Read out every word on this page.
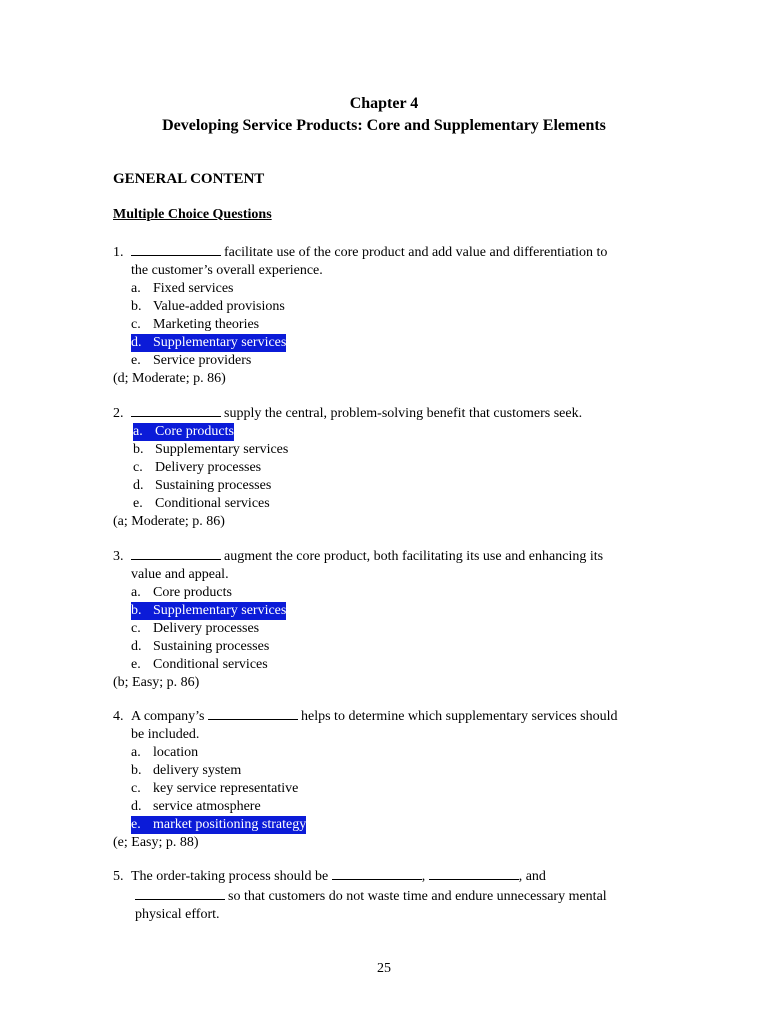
Chapter 4
Developing Service Products: Core and Supplementary Elements
GENERAL CONTENT
Multiple Choice Questions
1.	facilitate use of the core product and add value and differentiation to
the customer’s overall experience.
a. Fixed services
b. Value-added provisions
c. Marketing theories
d. Supplementary services
e. Service providers
(d; Moderate; p. 86)
2.	supply the central, problem-solving benefit that customers seek.
a. Core products
b. Supplementary services
c. Delivery processes
d. Sustaining processes
e. Conditional services
(a; Moderate; p. 86)
3.	augment the core product, both facilitating its use and enhancing its
value and appeal.
a. Core products
b. Supplementary services
c. Delivery processes
d. Sustaining processes
e. Conditional services
(b; Easy; p. 86)
4. A company’s	helps to determine which supplementary services should
be included.
a. location
b. delivery system
c. key service representative
d. service atmosphere
e. market positioning strategy
(e; Easy; p. 88)
5. The order-taking process should be	,	, and
so that customers do not waste time and endure unnecessary mental
physical effort.
25
